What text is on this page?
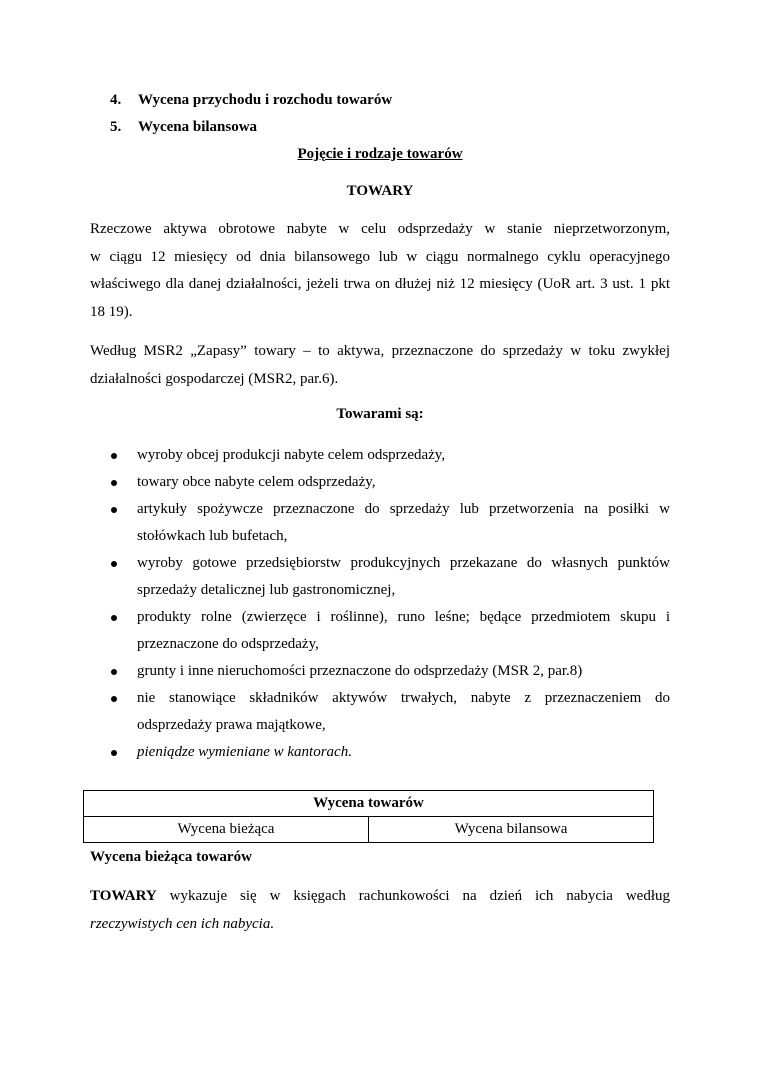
4. Wycena przychodu i rozchodu towarów

5. Wycena bilansowa

Pojęcie i rodzaje towarów

TOWARY

Rzeczowe aktywa obrotowe nabyte w celu odsprzedaży w stanie nieprzetworzonym,
w ciągu 12 miesięcy od dnia bilansowego lub w ciągu normalnego cyklu operacyjnego
właściwego dla danej działalności, jeżeli trwa on dłużej niż 12 miesięcy (UoR art. 3 ust. 1 pkt
18 19).
Według MSR2 „Zapasy” towary – to aktywa, przeznaczone do sprzedaży w toku zwykłej
działalności gospodarczej (MSR2, par.6).

Towarami są:

wyroby obcej produkcji nabyte celem odsprzedaży,
towary obce nabyte celem odsprzedaży,
artykuły spożywcze przeznaczone do sprzedaży lub przetworzenia na posiłki w
stołówkach lub bufetach,
wyroby gotowe przedsiębiorstw produkcyjnych przekazane do własnych punktów
sprzedaży detalicznej lub gastronomicznej,
produkty rolne (zwierzęce i roślinne), runo leśne; będące przedmiotem skupu i
przeznaczone do odsprzedaży,
grunty i inne nieruchomości przeznaczone do odsprzedaży (MSR 2, par.8)
nie stanowiące składników aktywów trwałych, nabyte z przeznaczeniem do
odsprzedaży prawa majątkowe,
pieniądze wymieniane w kantorach.
Wycena towarów
Wycena bieżąca	Wycena bilansowa

Wycena bieżąca towarów

TOWARY wykazuje się w księgach rachunkowości na dzień ich nabycia według
rzeczywistych cen ich nabycia.
